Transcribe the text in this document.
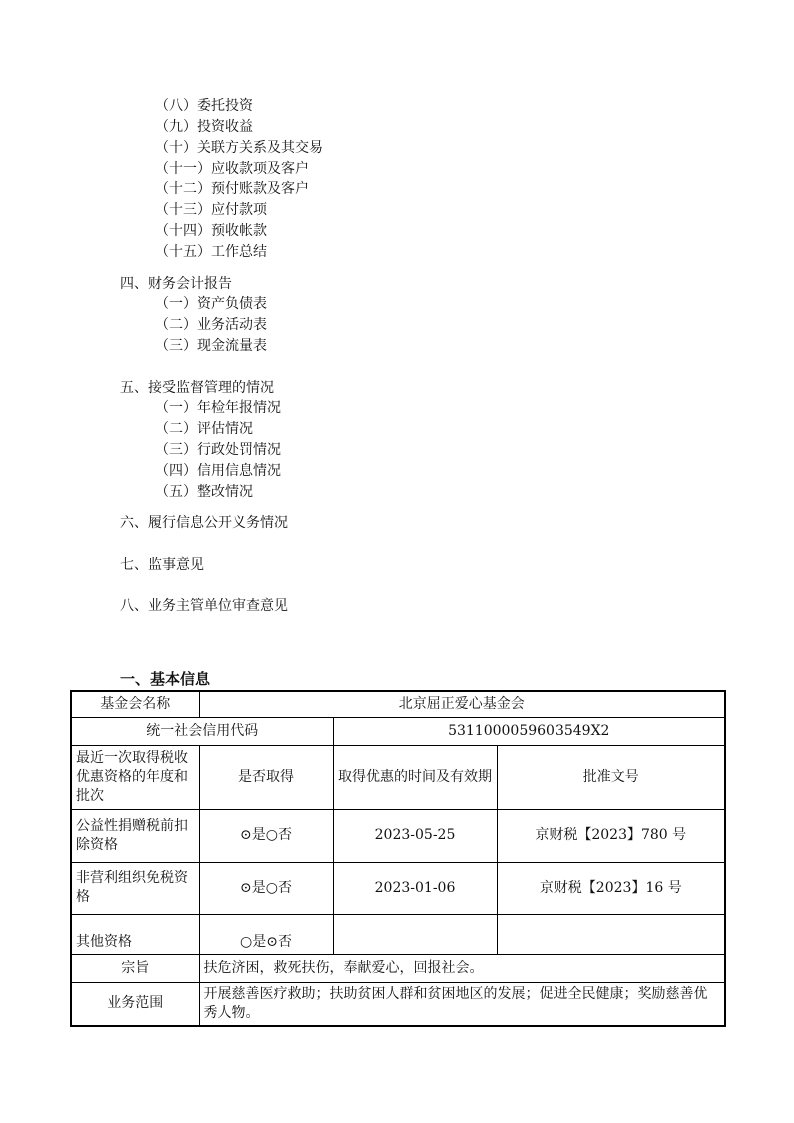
（八）委托投资
（九）投资收益
（十）关联方关系及其交易
（十一）应收款项及客户
（十二）预付账款及客户
（十三）应付款项
（十四）预收帐款
（十五）工作总结
四、财务会计报告
（一）资产负债表
（二）业务活动表
（三）现金流量表
五、接受监督管理的情况
（一）年检年报情况
（二）评估情况
（三）行政处罚情况
（四）信用信息情况
（五）整改情况
六、履行信息公开义务情况
七、监事意见
八、业务主管单位审查意见
一、基本信息
基金会名称	北京屈正爱心基金会		
统一社会信用代码		5311000059603549X2	
最近一次取得税收优惠资格的年度和批次	是否取得	取得优惠的时间及有效期	批准文号
公益性捐赠税前扣除资格	⊙是○否	2023-05-25	京财税【2023】780 号
非营利组织免税资格	⊙是○否	2023-01-06	京财税【2023】16 号
其他资格	○是⊙否		
宗旨	扶危济困，救死扶伤，奉献爱心，回报社会。		
业务范围	开展慈善医疗救助；扶助贫困人群和贫困地区的发展；促进全民健康；奖励慈善优秀人物。		
